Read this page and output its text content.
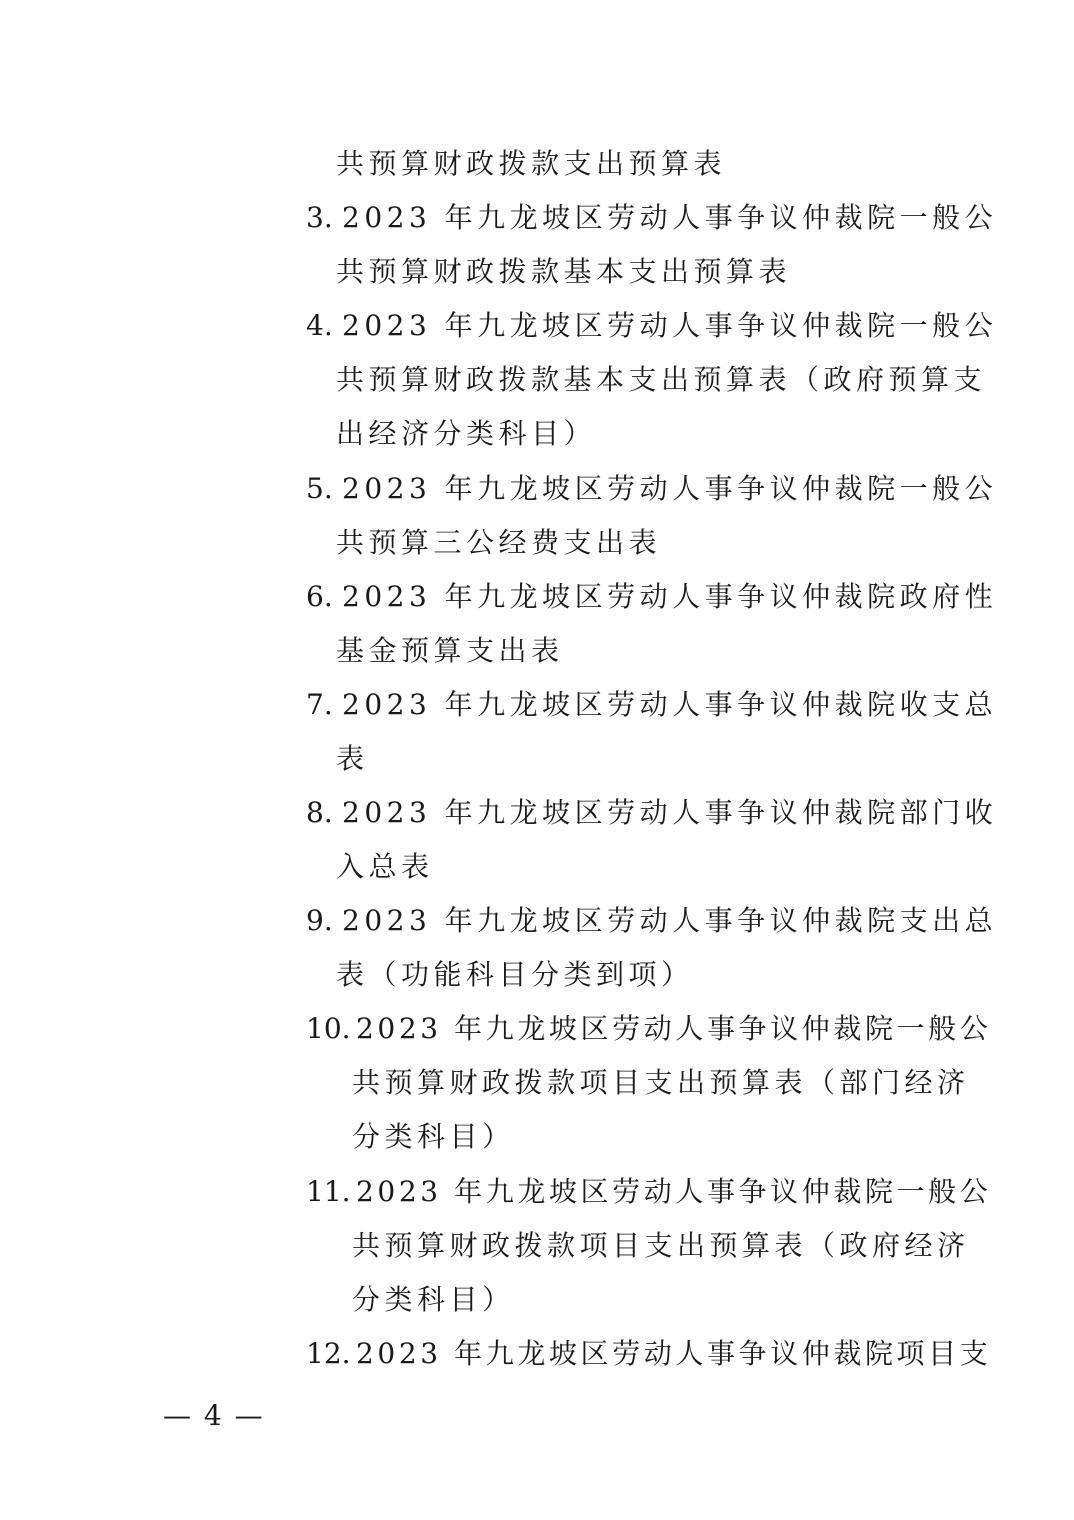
共预算财政拨款支出预算表
3. 2023 年九龙坡区劳动人事争议仲裁院一般公
共预算财政拨款基本支出预算表
4. 2023 年九龙坡区劳动人事争议仲裁院一般公
共预算财政拨款基本支出预算表（政府预算支
出经济分类科目）
5. 2023 年九龙坡区劳动人事争议仲裁院一般公
共预算三公经费支出表
6. 2023 年九龙坡区劳动人事争议仲裁院政府性
基金预算支出表
7. 2023 年九龙坡区劳动人事争议仲裁院收支总
表
8. 2023 年九龙坡区劳动人事争议仲裁院部门收
入总表
9. 2023 年九龙坡区劳动人事争议仲裁院支出总
表（功能科目分类到项）
10. 2023 年九龙坡区劳动人事争议仲裁院一般公
共预算财政拨款项目支出预算表（部门经济
分类科目）
11. 2023 年九龙坡区劳动人事争议仲裁院一般公
共预算财政拨款项目支出预算表（政府经济
分类科目）
12. 2023 年九龙坡区劳动人事争议仲裁院项目支
— 4 —
